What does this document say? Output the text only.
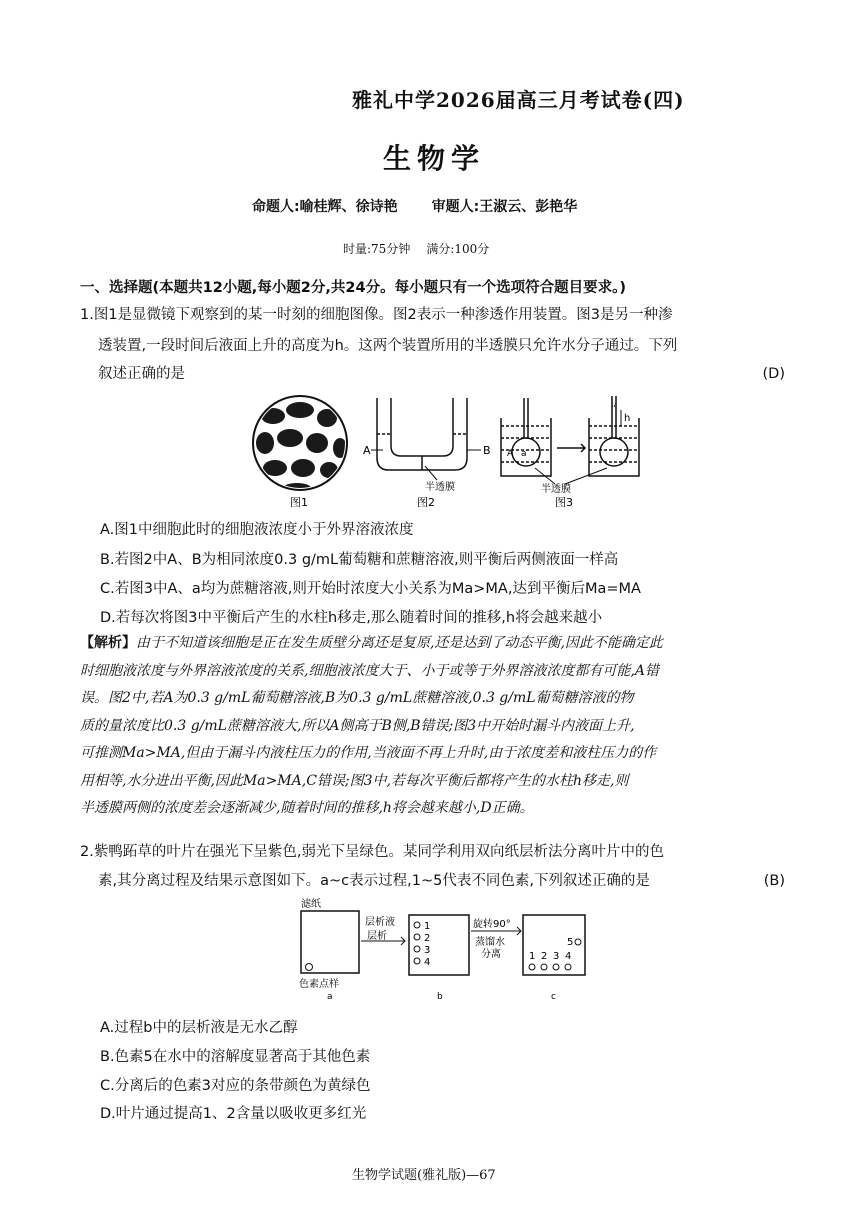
雅礼中学2026届高三月考试卷(四)
生物学
命题人:喻桂辉、徐诗艳 审题人:王淑云、彭艳华
时量:75分钟 满分:100分
一、选择题(本题共12小题,每小题2分,共24分。每小题只有一个选项符合题目要求。)
1.图1是显微镜下观察到的某一时刻的细胞图像。图2表示一种渗透作用装置。图3是另一种渗
透装置,一段时间后液面上升的高度为h。这两个装置所用的半透膜只允许水分子通过。下列
叙述正确的是	(D)
图1
A	B
半透膜
图2
A a
h
半透膜
图3
A.图1中细胞此时的细胞液浓度小于外界溶液浓度
B.若图2中A、B为相同浓度0.3 g/mL葡萄糖和蔗糖溶液,则平衡后两侧液面一样高
C.若图3中A、a均为蔗糖溶液,则开始时浓度大小关系为Ma>MA,达到平衡后Ma=MA
D.若每次将图3中平衡后产生的水柱h移走,那么随着时间的推移,h将会越来越小
【解析】由于不知道该细胞是正在发生质壁分离还是复原,还是达到了动态平衡,因此不能确定此
时细胞液浓度与外界溶液浓度的关系,细胞液浓度大于、小于或等于外界溶液浓度都有可能,A错
误。图2中,若A为0.3 g/mL葡萄糖溶液,B为0.3 g/mL蔗糖溶液,0.3 g/mL葡萄糖溶液的物
质的量浓度比0.3 g/mL蔗糖溶液大,所以A侧高于B侧,B错误;图3中开始时漏斗内液面上升,
可推测Ma>MA,但由于漏斗内液柱压力的作用,当液面不再上升时,由于浓度差和液柱压力的作
用相等,水分进出平衡,因此Ma>MA,C错误;图3中,若每次平衡后都将产生的水柱h移走,则
半透膜两侧的浓度差会逐渐减少,随着时间的推移,h将会越来越小,D正确。
2.紫鸭跖草的叶片在强光下呈紫色,弱光下呈绿色。某同学利用双向纸层析法分离叶片中的色
素,其分离过程及结果示意图如下。a~c表示过程,1~5代表不同色素,下列叙述正确的是	(B)
滤纸
色素点样
a
层析液
层析
1
2
3
4
b
旋转90°
蒸馏水
分离
5
1 2 3 4
c
A.过程b中的层析液是无水乙醇
B.色素5在水中的溶解度显著高于其他色素
C.分离后的色素3对应的条带颜色为黄绿色
D.叶片通过提高1、2含量以吸收更多红光
生物学试题(雅礼版)—67
